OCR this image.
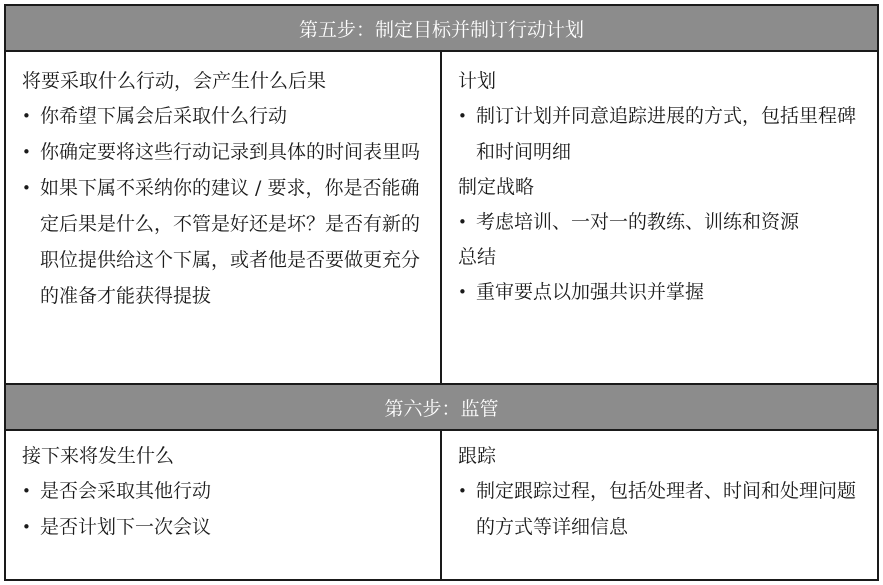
第五步：制定目标并制订行动计划
将要采取什么行动，会产生什么后果
• 你希望下属会后采取什么行动
• 你确定要将这些行动记录到具体的时间表里吗
• 如果下属不采纳你的建议 / 要求，你是否能确定后果是什么，不管是好还是坏？是否有新的职位提供给这个下属，或者他是否要做更充分的准备才能获得提拔
计划
• 制订计划并同意追踪进展的方式，包括里程碑和时间明细
制定战略
• 考虑培训、一对一的教练、训练和资源
总结
• 重审要点以加强共识并掌握
第六步：监管
接下来将发生什么
• 是否会采取其他行动
• 是否计划下一次会议
跟踪
• 制定跟踪过程，包括处理者、时间和处理问题的方式等详细信息
